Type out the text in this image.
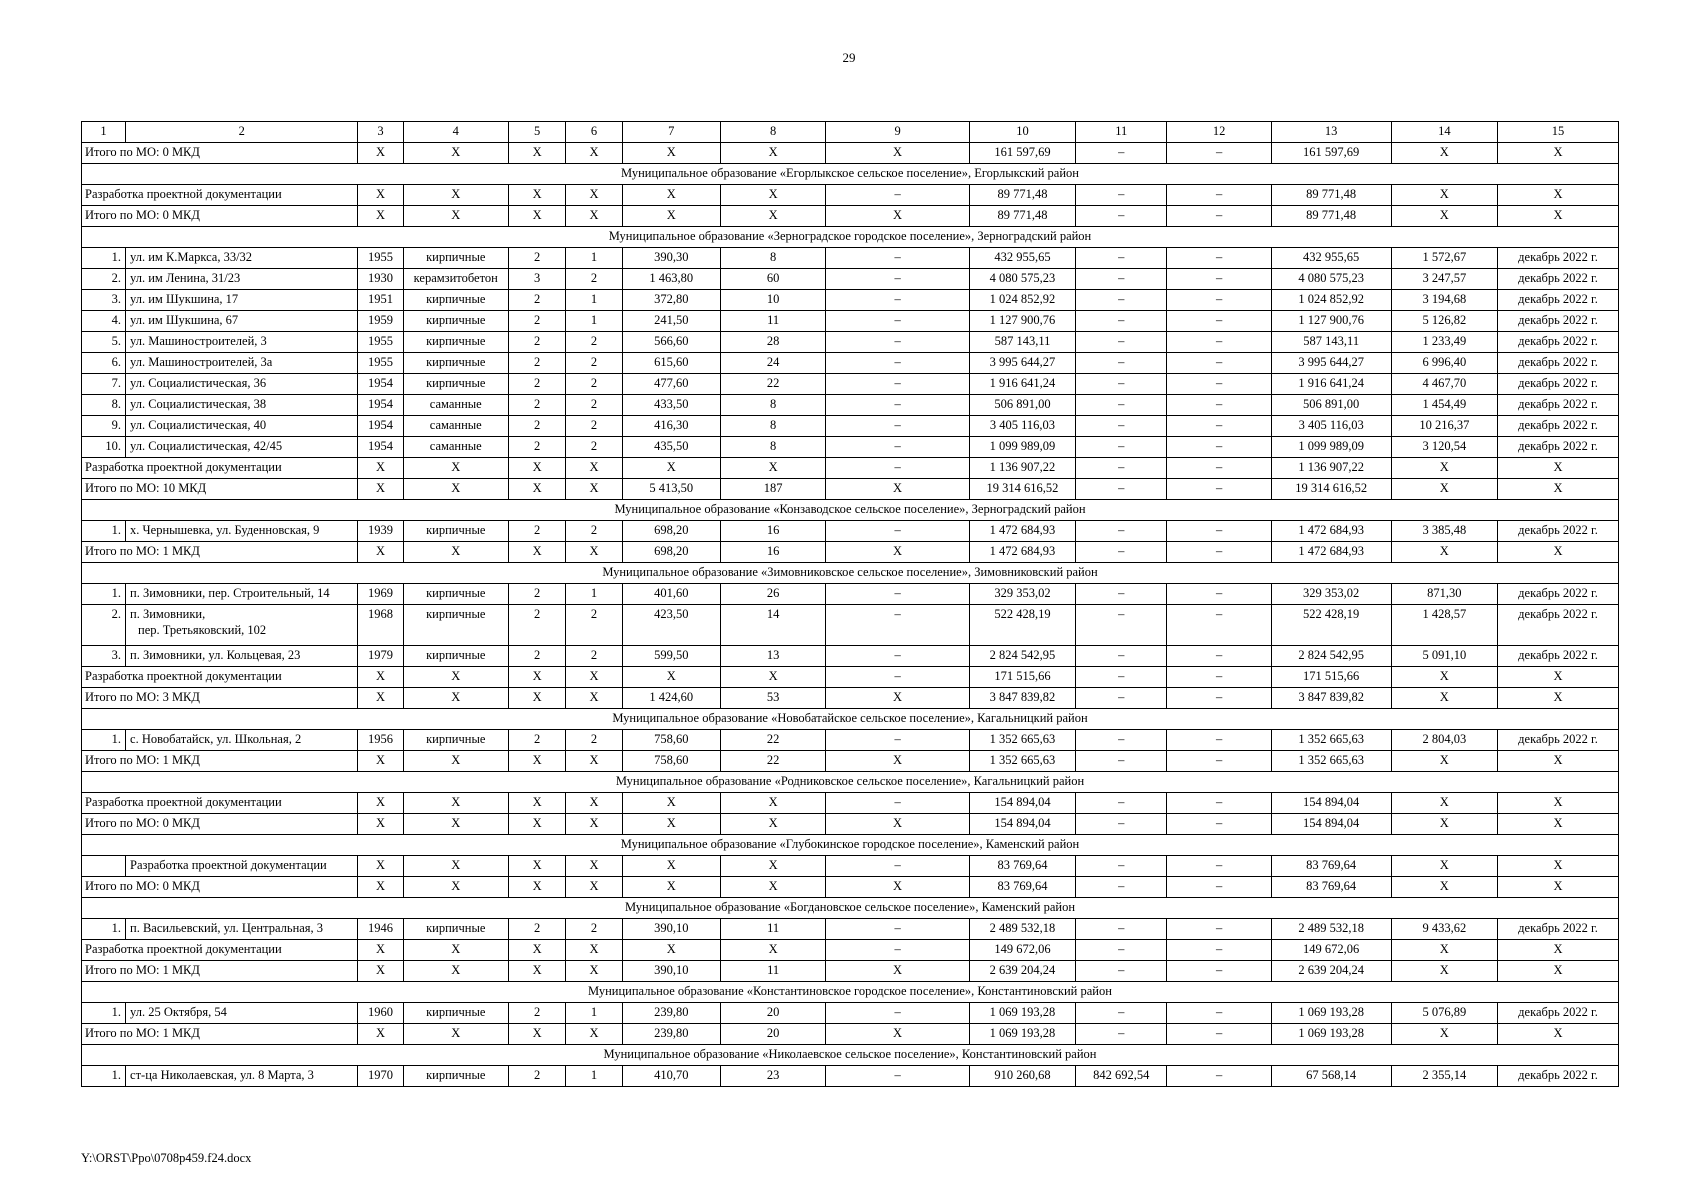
29
1	2	3	4	5	6	7	8	9	10	11	12	13	14	15
Итого по МО: 0 МКД		Х	Х	Х	Х	Х	Х	Х	161 597,69	–	–	161 597,69	Х	Х
Муниципальное образование «Егорлыкское сельское поселение», Егорлыкский район														
Разработка проектной документации		Х	Х	Х	Х	Х	Х	–	89 771,48	–	–	89 771,48	Х	Х
Итого по МО: 0 МКД		Х	Х	Х	Х	Х	Х	Х	89 771,48	–	–	89 771,48	Х	Х
Муниципальное образование «Зерноградское городское поселение», Зерноградский район														
1.	ул. им К.Маркса, 33/32	1955	кирпичные	2	1	390,30	8	–	432 955,65	–	–	432 955,65	1 572,67	декабрь 2022 г.
2.	ул. им Ленина, 31/23	1930	керамзитобетон	3	2	1 463,80	60	–	4 080 575,23	–	–	4 080 575,23	3 247,57	декабрь 2022 г.
3.	ул. им Шукшина, 17	1951	кирпичные	2	1	372,80	10	–	1 024 852,92	–	–	1 024 852,92	3 194,68	декабрь 2022 г.
4.	ул. им Шукшина, 67	1959	кирпичные	2	1	241,50	11	–	1 127 900,76	–	–	1 127 900,76	5 126,82	декабрь 2022 г.
5.	ул. Машиностроителей, 3	1955	кирпичные	2	2	566,60	28	–	587 143,11	–	–	587 143,11	1 233,49	декабрь 2022 г.
6.	ул. Машиностроителей, 3а	1955	кирпичные	2	2	615,60	24	–	3 995 644,27	–	–	3 995 644,27	6 996,40	декабрь 2022 г.
7.	ул. Социалистическая, 36	1954	кирпичные	2	2	477,60	22	–	1 916 641,24	–	–	1 916 641,24	4 467,70	декабрь 2022 г.
8.	ул. Социалистическая, 38	1954	саманные	2	2	433,50	8	–	506 891,00	–	–	506 891,00	1 454,49	декабрь 2022 г.
9.	ул. Социалистическая, 40	1954	саманные	2	2	416,30	8	–	3 405 116,03	–	–	3 405 116,03	10 216,37	декабрь 2022 г.
10.	ул. Социалистическая, 42/45	1954	саманные	2	2	435,50	8	–	1 099 989,09	–	–	1 099 989,09	3 120,54	декабрь 2022 г.
Разработка проектной документации		Х	Х	Х	Х	Х	Х	–	1 136 907,22	–	–	1 136 907,22	Х	Х
Итого по МО: 10 МКД		Х	Х	Х	Х	5 413,50	187	Х	19 314 616,52	–	–	19 314 616,52	Х	Х
Муниципальное образование «Конзаводское сельское поселение», Зерноградский район														
1.	х. Чернышевка, ул. Буденновская, 9	1939	кирпичные	2	2	698,20	16	–	1 472 684,93	–	–	1 472 684,93	3 385,48	декабрь 2022 г.
Итого по МО: 1 МКД		Х	Х	Х	Х	698,20	16	Х	1 472 684,93	–	–	1 472 684,93	Х	Х
Муниципальное образование «Зимовниковское сельское поселение», Зимовниковский район														
1.	п. Зимовники, пер. Строительный, 14	1969	кирпичные	2	1	401,60	26	–	329 353,02	–	–	329 353,02	871,30	декабрь 2022 г.
2.	п. Зимовники,
пер. Третьяковский, 102	1968	кирпичные	2	2	423,50	14	–	522 428,19	–	–	522 428,19	1 428,57	декабрь 2022 г.
3.	п. Зимовники, ул. Кольцевая, 23	1979	кирпичные	2	2	599,50	13	–	2 824 542,95	–	–	2 824 542,95	5 091,10	декабрь 2022 г.
Разработка проектной документации		Х	Х	Х	Х	Х	Х	–	171 515,66	–	–	171 515,66	Х	Х
Итого по МО: 3 МКД		Х	Х	Х	Х	1 424,60	53	Х	3 847 839,82	–	–	3 847 839,82	Х	Х
Муниципальное образование «Новобатайское сельское поселение», Кагальницкий район														
1.	с. Новобатайск, ул. Школьная, 2	1956	кирпичные	2	2	758,60	22	–	1 352 665,63	–	–	1 352 665,63	2 804,03	декабрь 2022 г.
Итого по МО: 1 МКД		Х	Х	Х	Х	758,60	22	Х	1 352 665,63	–	–	1 352 665,63	Х	Х
Муниципальное образование «Родниковское сельское поселение», Кагальницкий район														
Разработка проектной документации		Х	Х	Х	Х	Х	Х	–	154 894,04	–	–	154 894,04	Х	Х
Итого по МО: 0 МКД		Х	Х	Х	Х	Х	Х	Х	154 894,04	–	–	154 894,04	Х	Х
Муниципальное образование «Глубокинское городское поселение», Каменский район														
	Разработка проектной документации	Х	Х	Х	Х	Х	Х	–	83 769,64	–	–	83 769,64	Х	Х
Итого по МО: 0 МКД		Х	Х	Х	Х	Х	Х	Х	83 769,64	–	–	83 769,64	Х	Х
Муниципальное образование «Богдановское сельское поселение», Каменский район														
1.	п. Васильевский, ул. Центральная, 3	1946	кирпичные	2	2	390,10	11	–	2 489 532,18	–	–	2 489 532,18	9 433,62	декабрь 2022 г.
Разработка проектной документации		Х	Х	Х	Х	Х	Х	–	149 672,06	–	–	149 672,06	Х	Х
Итого по МО: 1 МКД		Х	Х	Х	Х	390,10	11	Х	2 639 204,24	–	–	2 639 204,24	Х	Х
Муниципальное образование «Константиновское городское поселение», Константиновский район														
1.	ул. 25 Октября, 54	1960	кирпичные	2	1	239,80	20	–	1 069 193,28	–	–	1 069 193,28	5 076,89	декабрь 2022 г.
Итого по МО: 1 МКД		Х	Х	Х	Х	239,80	20	Х	1 069 193,28	–	–	1 069 193,28	Х	Х
Муниципальное образование «Николаевское сельское поселение», Константиновский район														
1.	ст-ца Николаевская, ул. 8 Марта, 3	1970	кирпичные	2	1	410,70	23	–	910 260,68	842 692,54	–	67 568,14	2 355,14	декабрь 2022 г.
Y:\ORST\Ppo\0708p459.f24.docx
